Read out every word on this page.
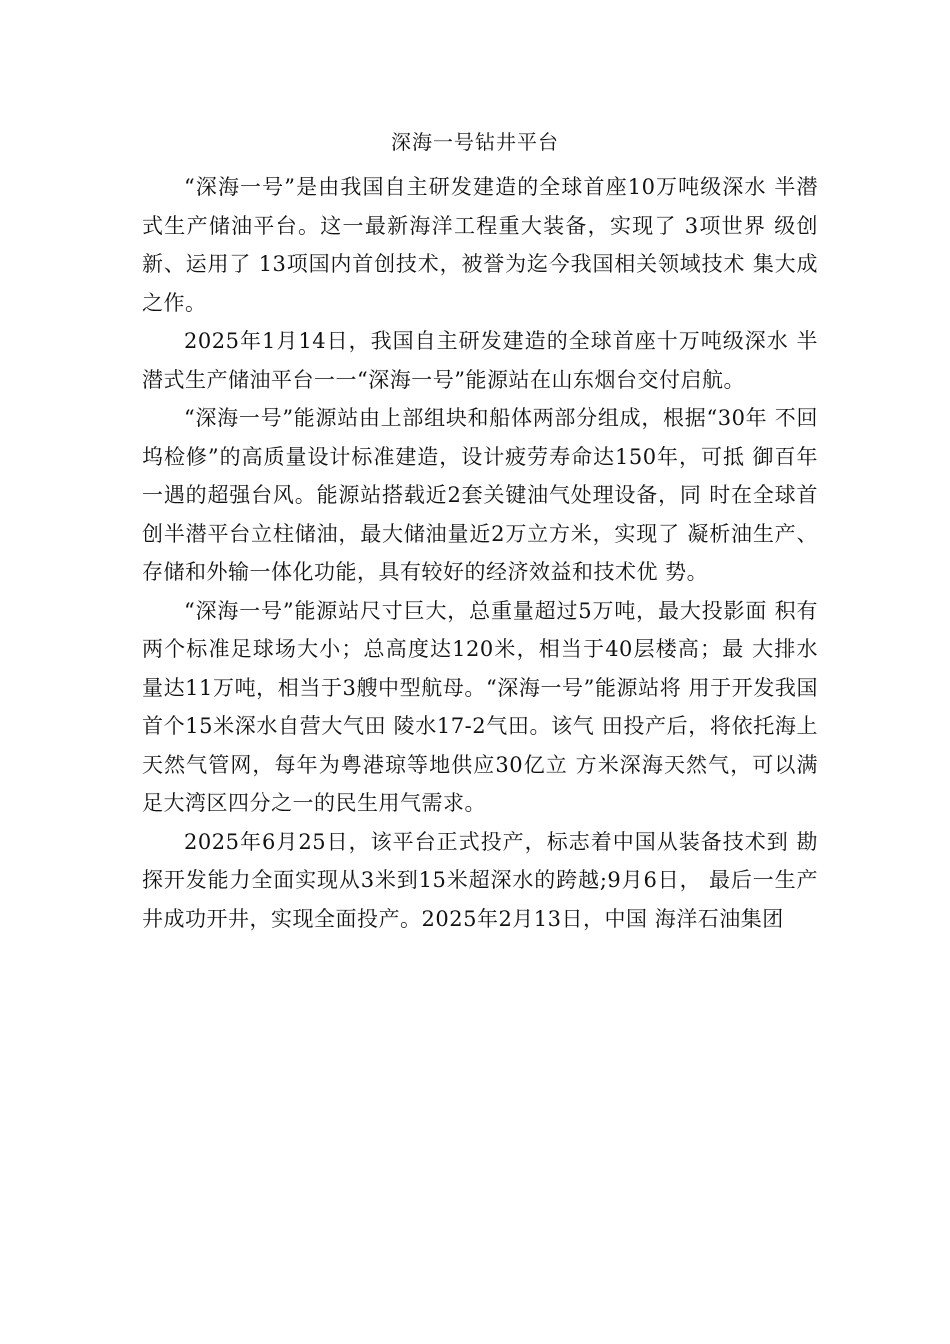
深海一号钻井平台

“深海一号”是由我国自主研发建造的全球首座10万吨级深水 半潜式生产储油平台。这一最新海洋工程重大装备，实现了 3项世界 级创新、运用了 13项国内首创技术，被誉为迄今我国相关领域技术 集大成之作。

2025年1月14日，我国自主研发建造的全球首座十万吨级深水 半潜式生产储油平台一一“深海一号”能源站在山东烟台交付启航。

“深海一号”能源站由上部组块和船体两部分组成，根据“30年 不回坞检修”的高质量设计标准建造，设计疲劳寿命达150年，可抵 御百年一遇的超强台风。能源站搭载近2套关键油气处理设备，同 时在全球首创半潜平台立柱储油，最大储油量近2万立方米，实现了 凝析油生产、存储和外输一体化功能，具有较好的经济效益和技术优 势。

“深海一号”能源站尺寸巨大，总重量超过5万吨，最大投影面 积有两个标准足球场大小；总高度达120米，相当于40层楼高；最 大排水量达11万吨，相当于3艘中型航母。“深海一号”能源站将 用于开发我国首个15米深水自营大气田 陵水17-2气田。该气 田投产后，将依托海上天然气管网，每年为粤港琼等地供应30亿立 方米深海天然气，可以满足大湾区四分之一的民生用气需求。

2025年6月25日，该平台正式投产，标志着中国从装备技术到 勘探开发能力全面实现从3米到15米超深水的跨越;9月6日， 最后一生产井成功开井，实现全面投产。2025年2月13日，中国 海洋石油集团
